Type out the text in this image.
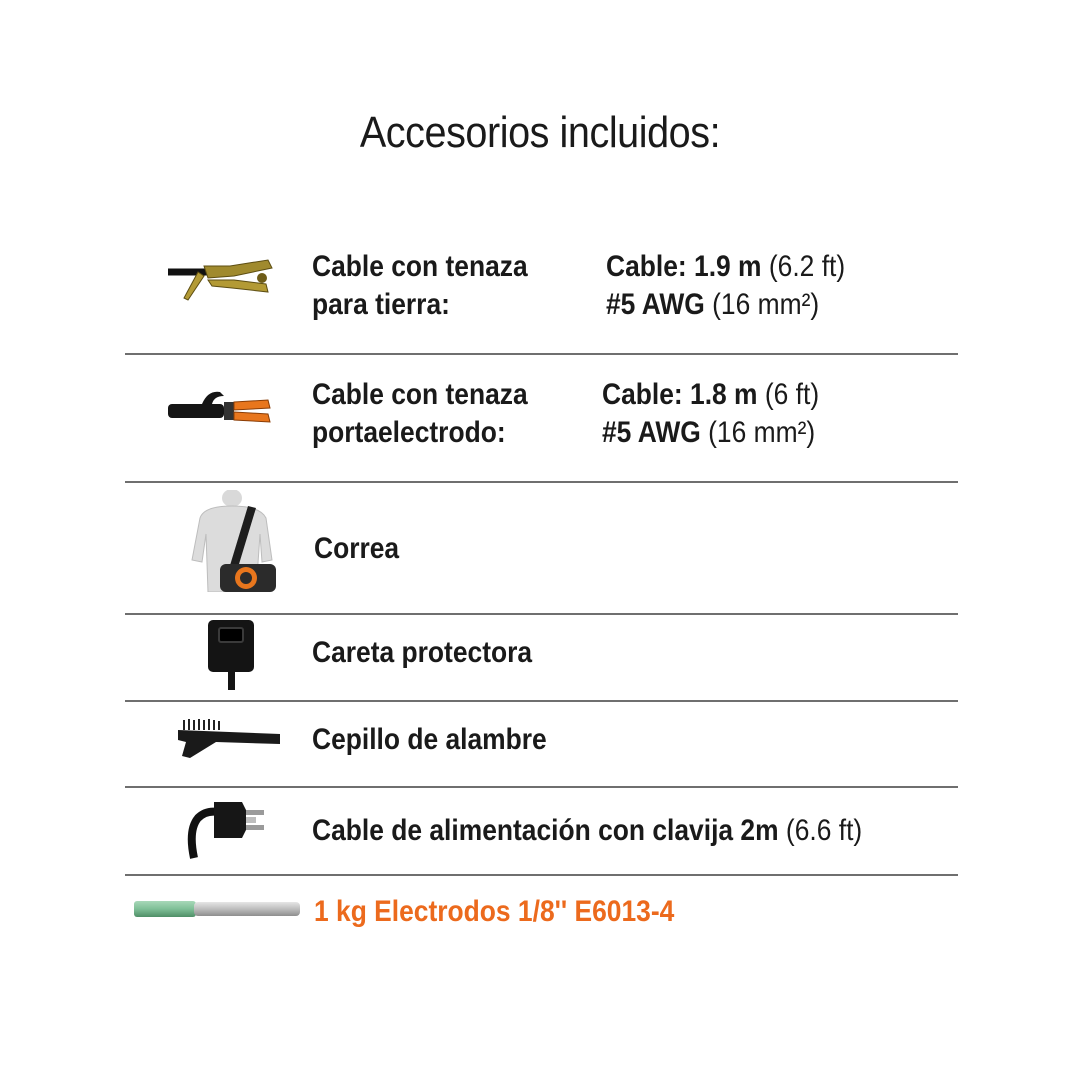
Accesorios incluidos:
Cable con tenaza
para tierra:
Cable: 1.9 m (6.2 ft)
#5 AWG (16 mm²)
Cable con tenaza
portaelectrodo:
Cable: 1.8 m (6 ft)
#5 AWG (16 mm²)
Correa
Careta protectora
Cepillo de alambre
Cable de alimentación con clavija 2m (6.6 ft)
1 kg Electrodos 1/8'' E6013-4
